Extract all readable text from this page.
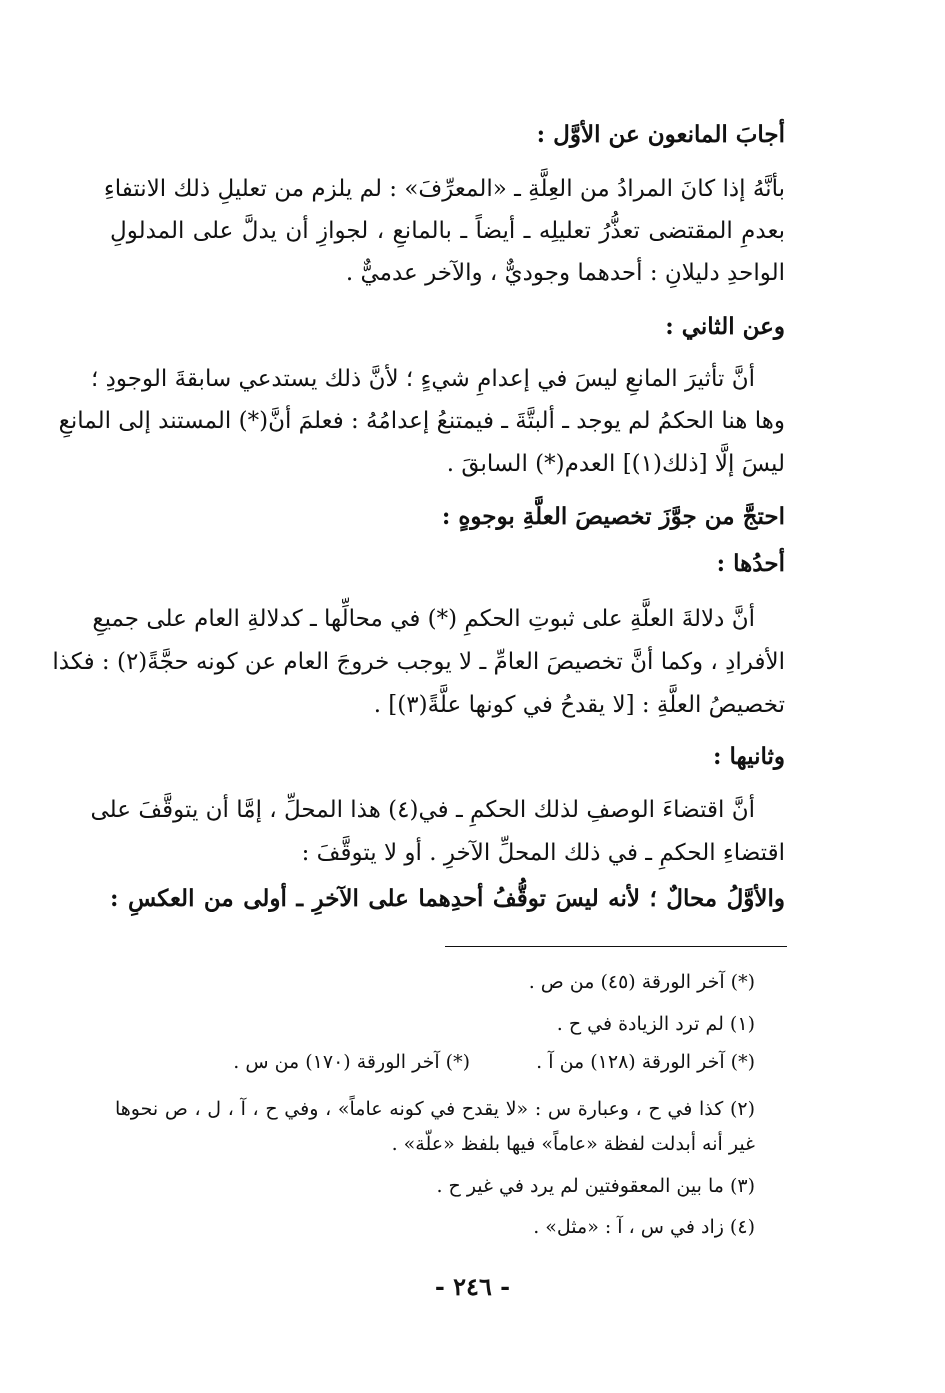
أجابَ المانعون عن الأوَّل :

بأنَّهُ إذا كانَ المرادُ من العِلَّةِ ـ «المعرِّفَ» : لم يلزم من تعليلِ ذلك الانتفاءِ

بعدمِ المقتضى تعذُّرُ تعليلِه ـ أيضاً ـ بالمانعِ ، لجوازِ أن يدلَّ على المدلولِ

الواحدِ دليلانِ : أحدهما وجوديٌّ ، والآخر عدميٌّ .

وعن الثاني :

أنَّ تأثيرَ المانعِ ليسَ في إعدامِ شيءٍ ؛ لأنَّ ذلك يستدعي سابقةَ الوجودِ ؛

وها هنا الحكمُ لم يوجد ـ ألبتَّةَ ـ فيمتنعُ إعدامُهُ : فعلمَ أنَّ(*) المستند إلى المانعِ

ليسَ إلَّا [ذلك(١)] العدم(*) السابقَ .

احتجَّ من جوَّزَ تخصيصَ العلَّةِ بوجوهٍ :

أحدُها :

أنَّ دلالةَ العلَّةِ على ثبوتِ الحكمِ (*) في محالِّها ـ كدلالةِ العام على جميعِ

الأفرادِ ، وكما أنَّ تخصيصَ العامِّ ـ لا يوجب خروجَ العام عن كونه حجَّةً(٢) : فكذا

تخصيصُ العلَّةِ : [لا يقدحُ في كونها علَّةً(٣)] .

وثانيها :

أنَّ اقتضاءَ الوصفِ لذلك الحكمِ ـ في(٤) هذا المحلِّ ، إمَّا أن يتوقَّفَ على

اقتضاءِ الحكمِ ـ في ذلك المحلِّ الآخرِ . أو لا يتوقَّفَ :

والأوَّلُ محالٌ ؛ لأنه ليسَ توقُّفُ أحدِهما على الآخرِ ـ أولى من العكسِ :

(*) آخر الورقة (٤٥) من ص .
(١) لم ترد الزيادة في ح .
(*) آخر الورقة (١٢٨) من آ .
(*) آخر الورقة (١٧٠) من س .
(٢) كذا في ح ، وعبارة س : «لا يقدح في كونه عاماً» ، وفي ح ، آ ، ل ، ص نحوها غير أنه أبدلت لفظة «عاماً» فيها بلفظ «علّة» .
(٣) ما بين المعقوفتين لم يرد في غير ح .
(٤) زاد في س ، آ : «مثل» .
- ٢٤٦ -
